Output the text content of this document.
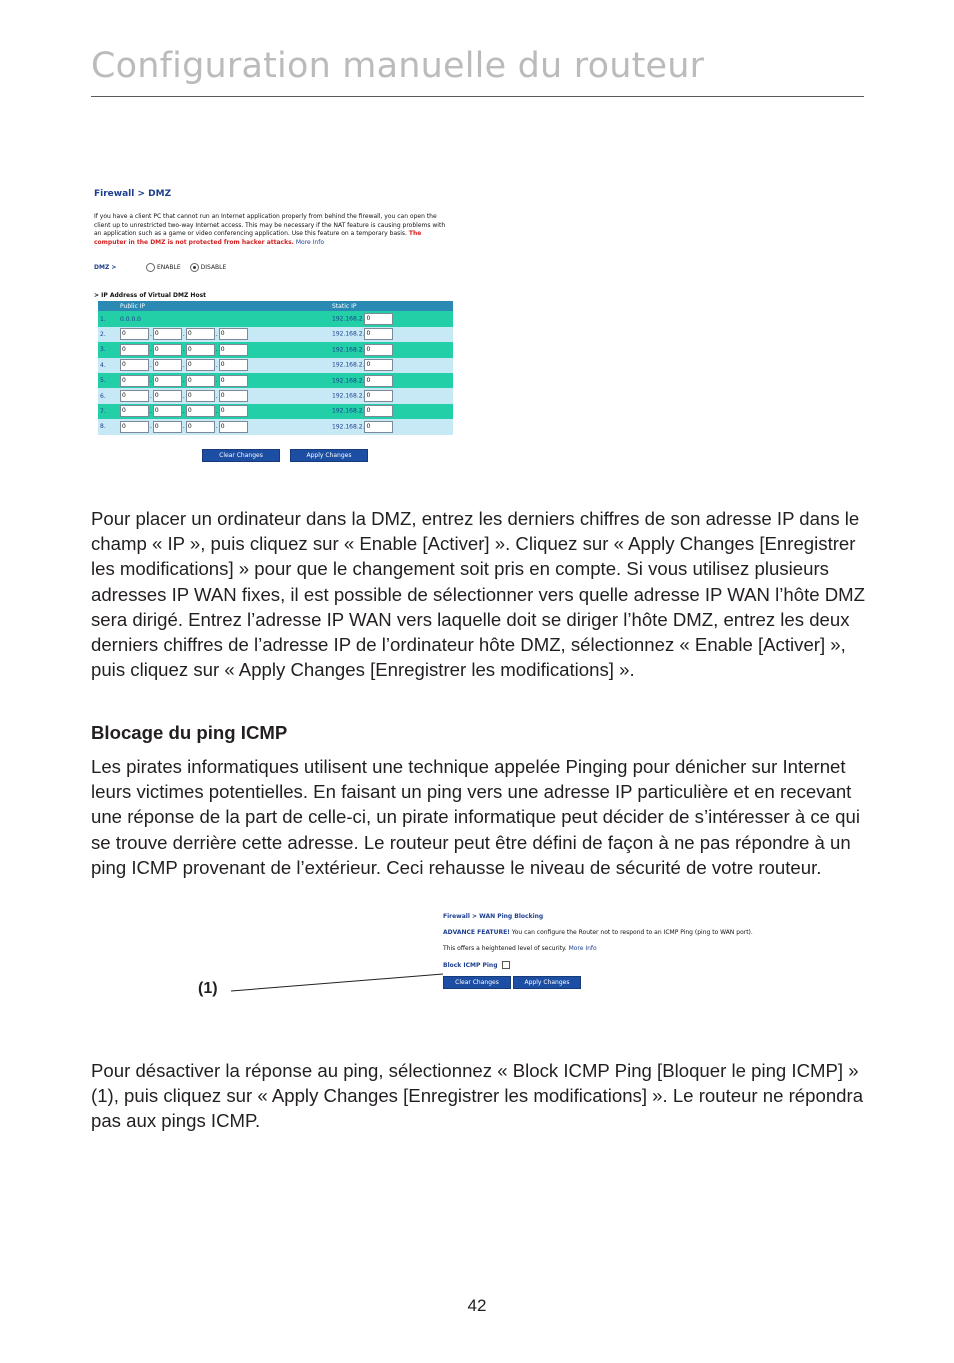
Configuration manuelle du routeur
Firewall > DMZ
If you have a client PC that cannot run an Internet application properly from behind the firewall, you can open the client up to unrestricted two-way Internet access. This may be necessary if the NAT feature is causing problems with an application such as a game or video conferencing application. Use this feature on a temporary basis. The computer in the DMZ is not protected from hacker attacks. More Info
DMZ >	ENABLE	DISABLE
> IP Address of Virtual DMZ Host
	Public IP	Static IP
1.	0.0.0.0	192.168.2. 0
2.	0 . 0 . 0 . 0	192.168.2. 0
3.	0 . 0 . 0 . 0	192.168.2. 0
4.	0 . 0 . 0 . 0	192.168.2. 0
5.	0 . 0 . 0 . 0	192.168.2. 0
6.	0 . 0 . 0 . 0	192.168.2. 0
7.	0 . 0 . 0 . 0	192.168.2. 0
8.	0 . 0 . 0 . 0	192.168.2. 0
Clear Changes	Apply Changes
Pour placer un ordinateur dans la DMZ, entrez les derniers chiffres de son adresse IP dans le champ « IP », puis cliquez sur « Enable [Activer] ». Cliquez sur « Apply Changes [Enregistrer les modifications] » pour que le changement soit pris en compte. Si vous utilisez plusieurs adresses IP WAN fixes, il est possible de sélectionner vers quelle adresse IP WAN l’hôte DMZ sera dirigé. Entrez l’adresse IP WAN vers laquelle doit se diriger l’hôte DMZ, entrez les deux derniers chiffres de l’adresse IP de l’ordinateur hôte DMZ, sélectionnez « Enable [Activer] », puis cliquez sur « Apply Changes [Enregistrer les modifications] ».
Blocage du ping ICMP
Les pirates informatiques utilisent une technique appelée Pinging pour dénicher sur Internet leurs victimes potentielles. En faisant un ping vers une adresse IP particulière et en recevant une réponse de la part de celle-ci, un pirate informatique peut décider de s’intéresser à ce qui se trouve derrière cette adresse. Le routeur peut être défini de façon à ne pas répondre à un ping ICMP provenant de l’extérieur. Ceci rehausse le niveau de sécurité de votre routeur.
Firewall > WAN Ping Blocking
ADVANCE FEATURE! You can configure the Router not to respond to an ICMP Ping (ping to WAN port).
This offers a heightened level of security. More Info
Block ICMP Ping
Clear Changes	Apply Changes
(1)
Pour désactiver la réponse au ping, sélectionnez « Block ICMP Ping [Bloquer le ping ICMP] » (1), puis cliquez sur « Apply Changes [Enregistrer les modifications] ». Le routeur ne répondra pas aux pings ICMP.
42
